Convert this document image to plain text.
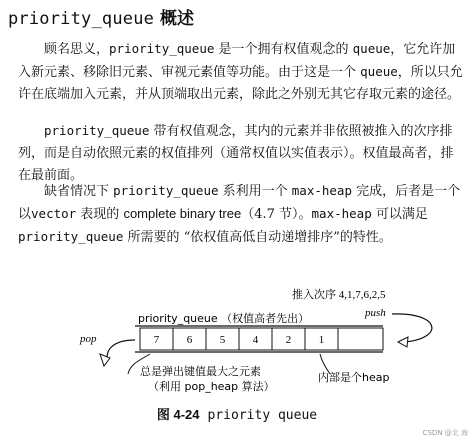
priority_queue 概述
顾名思义，priority_queue 是一个拥有权值观念的 queue，它允许加入新元素、移除旧元素、审视元素值等功能。由于这是一个 queue，所以只允许在底端加入元素，并从顶端取出元素，除此之外别无其它存取元素的途径。
priority_queue 带有权值观念，其内的元素并非依照被推入的次序排列，而是自动依照元素的权值排列（通常权值以实值表示）。权值最高者，排在最前面。
缺省情况下 priority_queue 系利用一个 max-heap 完成，后者是一个以vector 表现的 complete binary tree（4.7 节）。max-heap 可以满足priority_queue 所需要的 “依权值高低自动递增排序”的特性。
推入次序 4,1,7,6,2,5
push
priority_queue （权值高者先出）
7	6	5	4	2	1
pop
总是弹出键值最大之元素
（利用 pop_heap 算法）
内部是个heap
图 4-24 priority queue
CSDN @北 海
